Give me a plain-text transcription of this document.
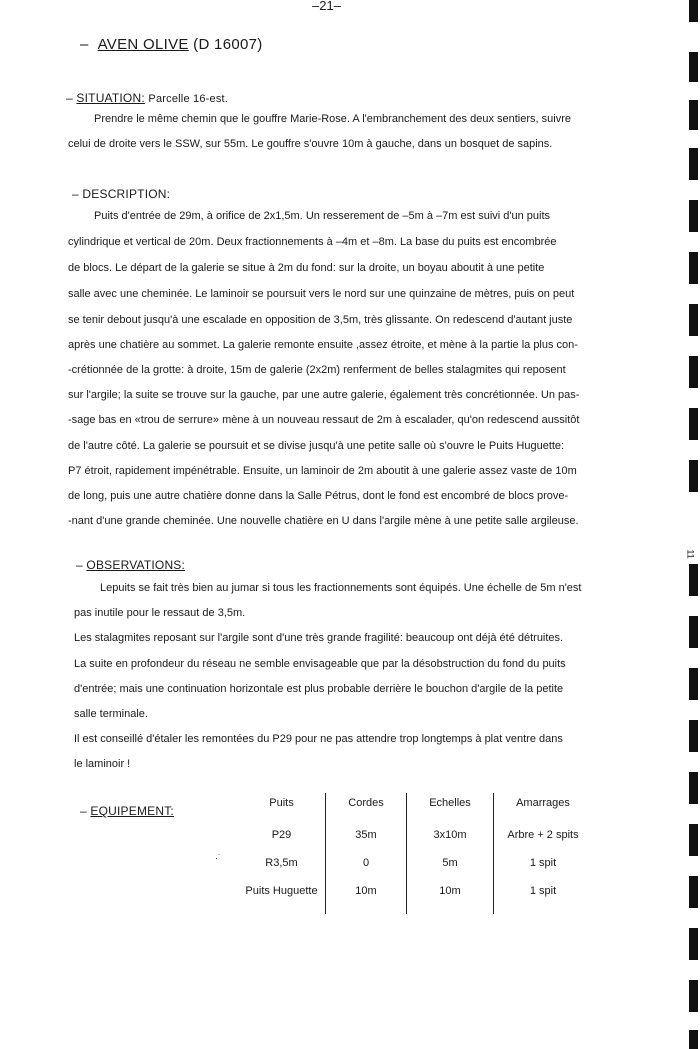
–21–
– AVEN OLIVE (D 16007)
– SITUATION: Parcelle 16-est.
Prendre le même chemin que le gouffre Marie-Rose. A l'embranchement des deux sentiers, suivre
celui de droite vers le SSW, sur 55m. Le gouffre s'ouvre 10m à gauche, dans un bosquet de sapins.
– DESCRIPTION:
Puits d'entrée de 29m, à orifice de 2x1,5m. Un resserement de –5m à –7m est suivi d'un puits
cylindrique et vertical de 20m. Deux fractionnements à –4m et –8m. La base du puits est encombrée
de blocs. Le départ de la galerie se situe à 2m du fond: sur la droite, un boyau aboutit à une petite
salle avec une cheminée. Le laminoir se poursuit vers le nord sur une quinzaine de mètres, puis on peut
se tenir debout jusqu'à une escalade en opposition de 3,5m, très glissante. On redescend d'autant juste
après une chatière au sommet. La galerie remonte ensuite ,assez étroite, et mène à la partie la plus con-
-crétionnée de la grotte: à droite, 15m de galerie (2x2m) renferment de belles stalagmites qui reposent
sur l'argile; la suite se trouve sur la gauche, par une autre galerie, également très concrétionnée. Un pas-
-sage bas en «trou de serrure» mène à un nouveau ressaut de 2m à escalader, qu'on redescend aussitôt
de l'autre côté. La galerie se poursuit et se divise jusqu'à une petite salle où s'ouvre le Puits Huguette:
P7 étroit, rapidement impénétrable. Ensuite, un laminoir de 2m aboutit à une galerie assez vaste de 10m
de long, puis une autre chatière donne dans la Salle Pétrus, dont le fond est encombré de blocs prove-
-nant d'une grande cheminée. Une nouvelle chatière en U dans l'argile mène à une petite salle argileuse.
– OBSERVATIONS:
Lepuits se fait très bien au jumar si tous les fractionnements sont équipés. Une échelle de 5m n'est
pas inutile pour le ressaut de 3,5m.
Les stalagmites reposant sur l'argile sont d'une très grande fragilité: beaucoup ont déjà été détruites.
La suite en profondeur du réseau ne semble envisageable que par la désobstruction du fond du puits
d'entrée; mais une continuation horizontale est plus probable derrière le bouchon d'argile de la petite
salle terminale.
Il est conseillé d'étaler les remontées du P29 pour ne pas attendre trop longtemps à plat ventre dans
le laminoir !
– EQUIPEMENT:
·˙
Puits	Cordes	Echelles	Amarrages
P29	35m	3x10m	Arbre + 2 spits
R3,5m	0	5m	1 spit
Puits Huguette	10m	10m	1 spit
11
